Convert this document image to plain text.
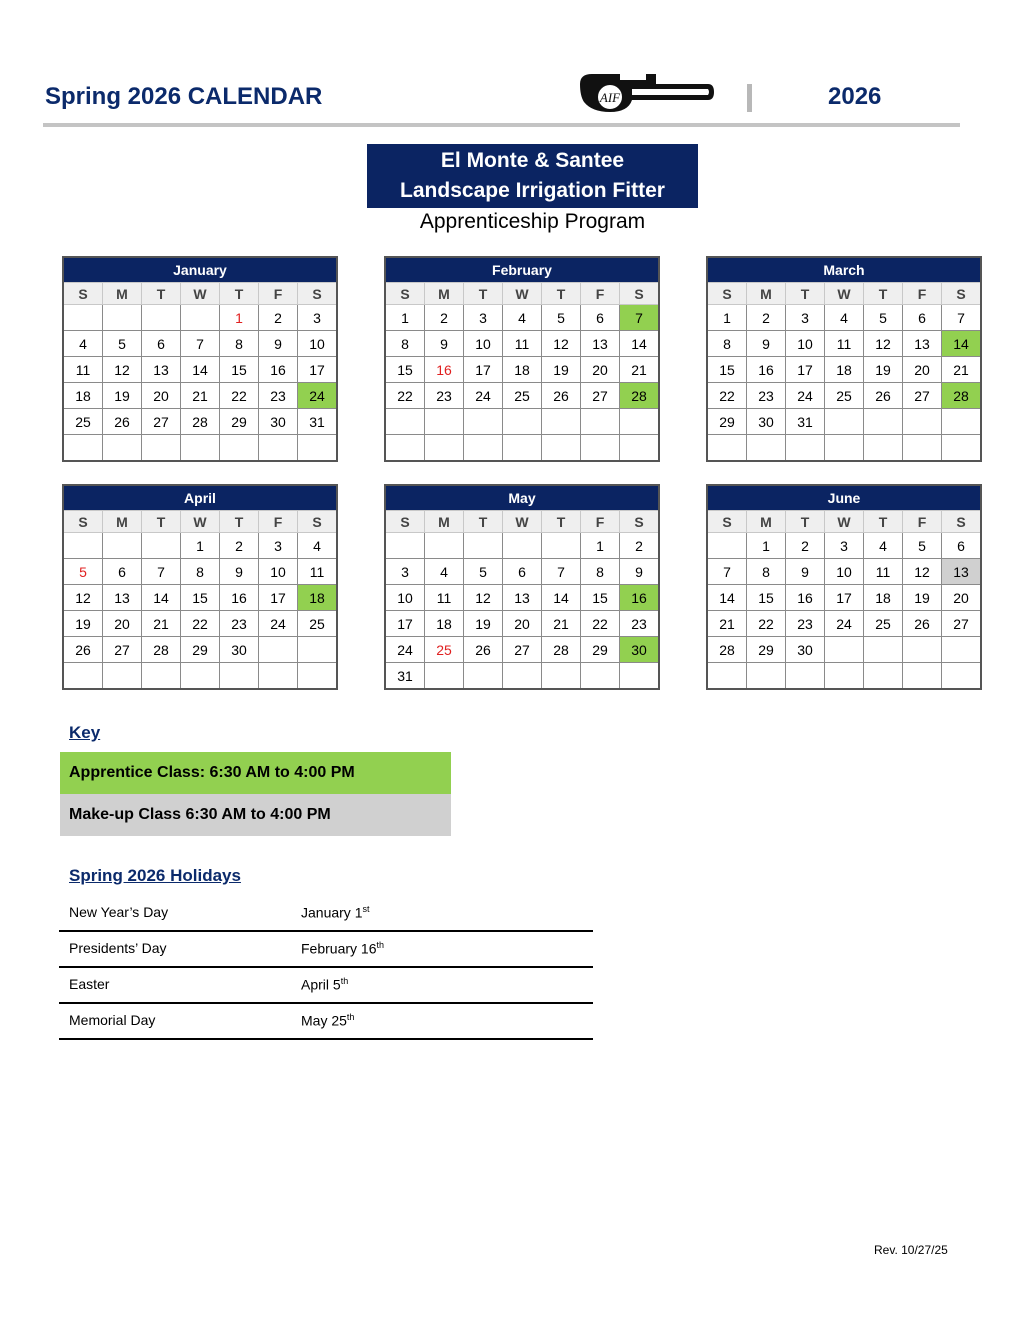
Spring 2026 CALENDAR	AIF	2026
El Monte & Santee
Landscape Irrigation Fitter
Apprenticeship Program
January						
S	M	T	W	T	F	S
				1	2	3
4	5	6	7	8	9	10
11	12	13	14	15	16	17
18	19	20	21	22	23	24
25	26	27	28	29	30	31

February						
S	M	T	W	T	F	S
1	2	3	4	5	6	7
8	9	10	11	12	13	14
15	16	17	18	19	20	21
22	23	24	25	26	27	28

March						
S	M	T	W	T	F	S
1	2	3	4	5	6	7
8	9	10	11	12	13	14
15	16	17	18	19	20	21
22	23	24	25	26	27	28
29	30	31				

April						
S	M	T	W	T	F	S
			1	2	3	4
5	6	7	8	9	10	11
12	13	14	15	16	17	18
19	20	21	22	23	24	25
26	27	28	29	30		

May						
S	M	T	W	T	F	S
					1	2
3	4	5	6	7	8	9
10	11	12	13	14	15	16
17	18	19	20	21	22	23
24	25	26	27	28	29	30
31						
June						
S	M	T	W	T	F	S
	1	2	3	4	5	6
7	8	9	10	11	12	13
14	15	16	17	18	19	20
21	22	23	24	25	26	27
28	29	30				

Key
Apprentice Class: 6:30 AM to 4:00 PM
Make-up Class 6:30 AM to 4:00 PM
Spring 2026 Holidays
New Year’s Day	January 1st
Presidents’ Day	February 16th
Easter	April 5th
Memorial Day	May 25th
Rev. 10/27/25
